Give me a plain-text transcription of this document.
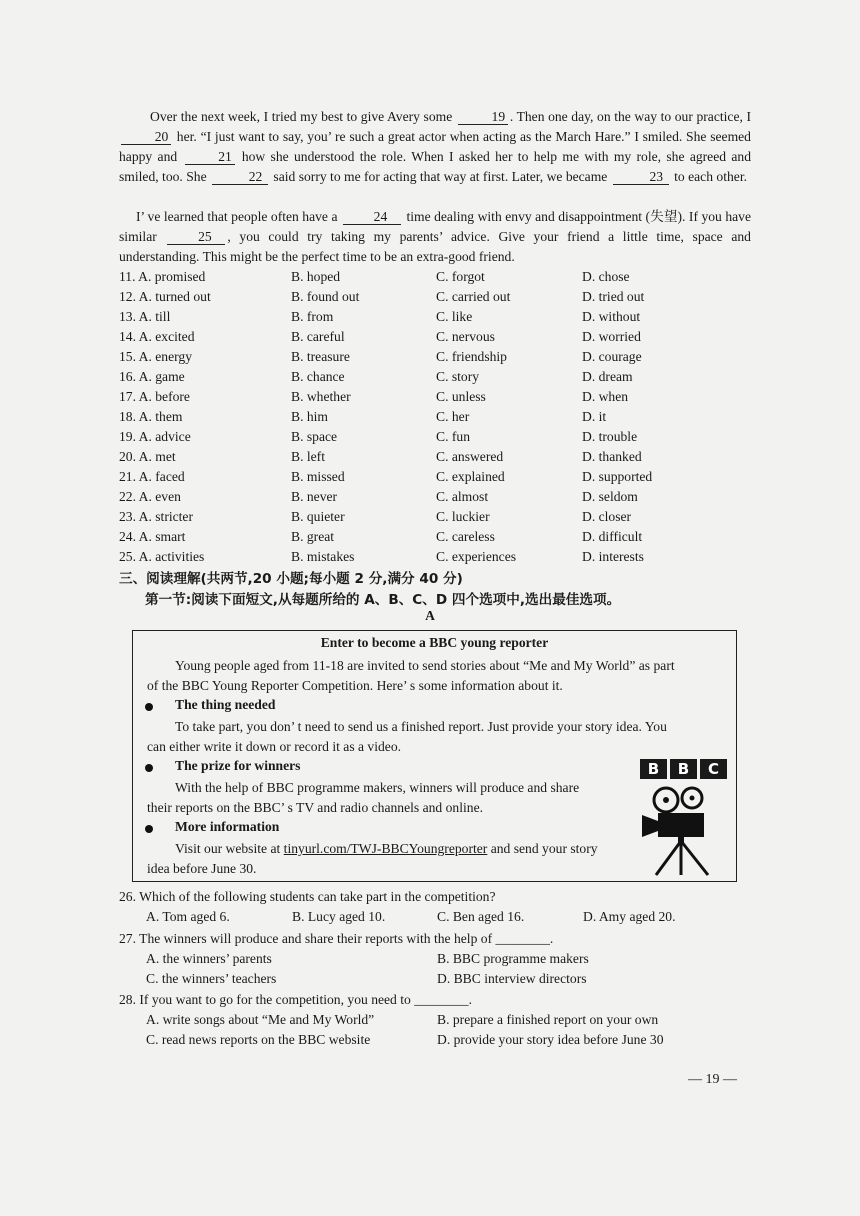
Over the next week, I tried my best to give Avery some	19 . Then one day, on the way to our practice, I 20 her. “I just want to say, you’ re such a great actor when acting as the March Hare.” I smiled. She seemed happy and	21 how she understood the role. When I asked her to help me with my role, she agreed and smiled, too. She	22 said sorry to me for acting that way at first. Later, we became	23 to each other.
I’ ve learned that people often have a	24 time dealing with envy and disappointment (失望). If you have similar	25 , you could try taking my parents’ advice. Give your friend a little time, space and understanding. This might be the perfect time to be an extra-good friend.
11. A. promised	B. hoped	C. forgot	D. chose
12. A. turned out	B. found out	C. carried out	D. tried out
13. A. till	B. from	C. like	D. without
14. A. excited	B. careful	C. nervous	D. worried
15. A. energy	B. treasure	C. friendship	D. courage
16. A. game	B. chance	C. story	D. dream
17. A. before	B. whether	C. unless	D. when
18. A. them	B. him	C. her	D. it
19. A. advice	B. space	C. fun	D. trouble
20. A. met	B. left	C. answered	D. thanked
21. A. faced	B. missed	C. explained	D. supported
22. A. even	B. never	C. almost	D. seldom
23. A. stricter	B. quieter	C. luckier	D. closer
24. A. smart	B. great	C. careless	D. difficult
25. A. activities	B. mistakes	C. experiences	D. interests
三、阅读理解(共两节,20 小题;每小题 2 分,满分 40 分)
第一节:阅读下面短文,从每题所给的 A、B、C、D 四个选项中,选出最佳选项。
A
Enter to become a BBC young reporter
Young people aged from 11-18 are invited to send stories about “Me and My World” as part
of the BBC Young Reporter Competition. Here’ s some information about it.
The thing needed
To take part, you don’ t need to send us a finished report. Just provide your story idea. You
can either write it down or record it as a video.
The prize for winners
With the help of BBC programme makers, winners will produce and share
their reports on the BBC’ s TV and radio channels and online.
More information
Visit our website at tinyurl.com/TWJ-BBCYoungreporter and send your story
idea before June 30.
B	B	C
26. Which of the following students can take part in the competition?
A. Tom aged 6.	B. Lucy aged 10.	C. Ben aged 16.	D. Amy aged 20.
27. The winners will produce and share their reports with the help of ________.
A. the winners’ parents	B. BBC programme makers
C. the winners’ teachers	D. BBC interview directors
28. If you want to go for the competition, you need to ________.
A. write songs about “Me and My World”	B. prepare a finished report on your own
C. read news reports on the BBC website	D. provide your story idea before June 30
— 19 —
